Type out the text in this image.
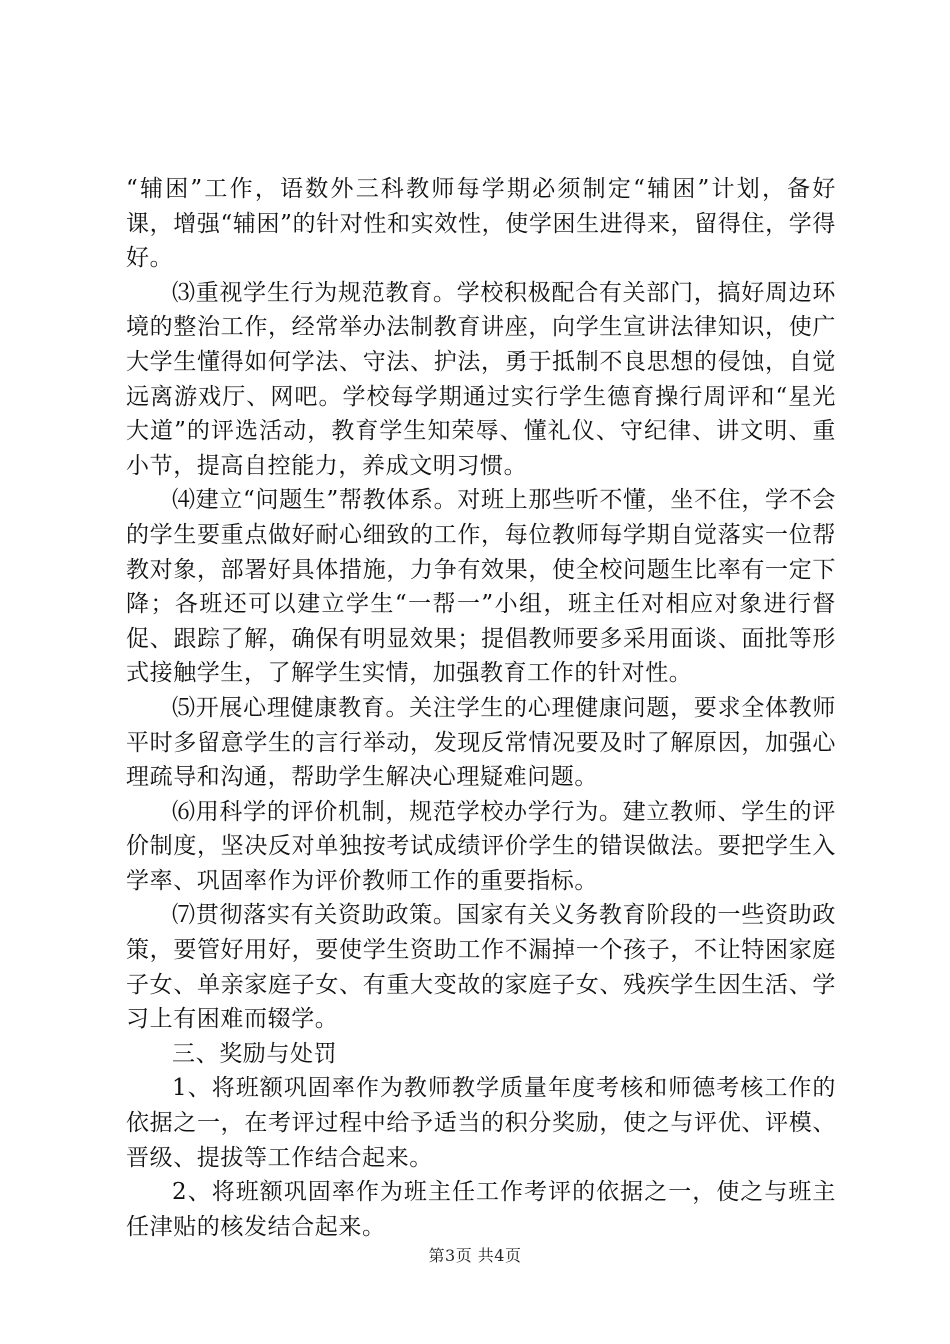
“辅困”工作，语数外三科教师每学期必须制定“辅困”计划，备好课，增强“辅困”的针对性和实效性，使学困生进得来，留得住，学得好。

⑶重视学生行为规范教育。学校积极配合有关部门，搞好周边环境的整治工作，经常举办法制教育讲座，向学生宣讲法律知识，使广大学生懂得如何学法、守法、护法，勇于抵制不良思想的侵蚀，自觉远离游戏厅、网吧。学校每学期通过实行学生德育操行周评和“星光大道”的评选活动，教育学生知荣辱、懂礼仪、守纪律、讲文明、重小节，提高自控能力，养成文明习惯。

⑷建立“问题生”帮教体系。对班上那些听不懂，坐不住，学不会的学生要重点做好耐心细致的工作，每位教师每学期自觉落实一位帮教对象，部署好具体措施，力争有效果，使全校问题生比率有一定下降；各班还可以建立学生“一帮一”小组，班主任对相应对象进行督促、跟踪了解，确保有明显效果；提倡教师要多采用面谈、面批等形式接触学生，了解学生实情，加强教育工作的针对性。

⑸开展心理健康教育。关注学生的心理健康问题，要求全体教师平时多留意学生的言行举动，发现反常情况要及时了解原因，加强心理疏导和沟通，帮助学生解决心理疑难问题。

⑹用科学的评价机制，规范学校办学行为。建立教师、学生的评价制度，坚决反对单独按考试成绩评价学生的错误做法。要把学生入学率、巩固率作为评价教师工作的重要指标。

⑺贯彻落实有关资助政策。国家有关义务教育阶段的一些资助政策，要管好用好，要使学生资助工作不漏掉一个孩子，不让特困家庭子女、单亲家庭子女、有重大变故的家庭子女、残疾学生因生活、学习上有困难而辍学。

三、奖励与处罚

1、将班额巩固率作为教师教学质量年度考核和师德考核工作的依据之一，在考评过程中给予适当的积分奖励，使之与评优、评模、晋级、提拔等工作结合起来。

2、将班额巩固率作为班主任工作考评的依据之一，使之与班主任津贴的核发结合起来。

第3页 共4页
